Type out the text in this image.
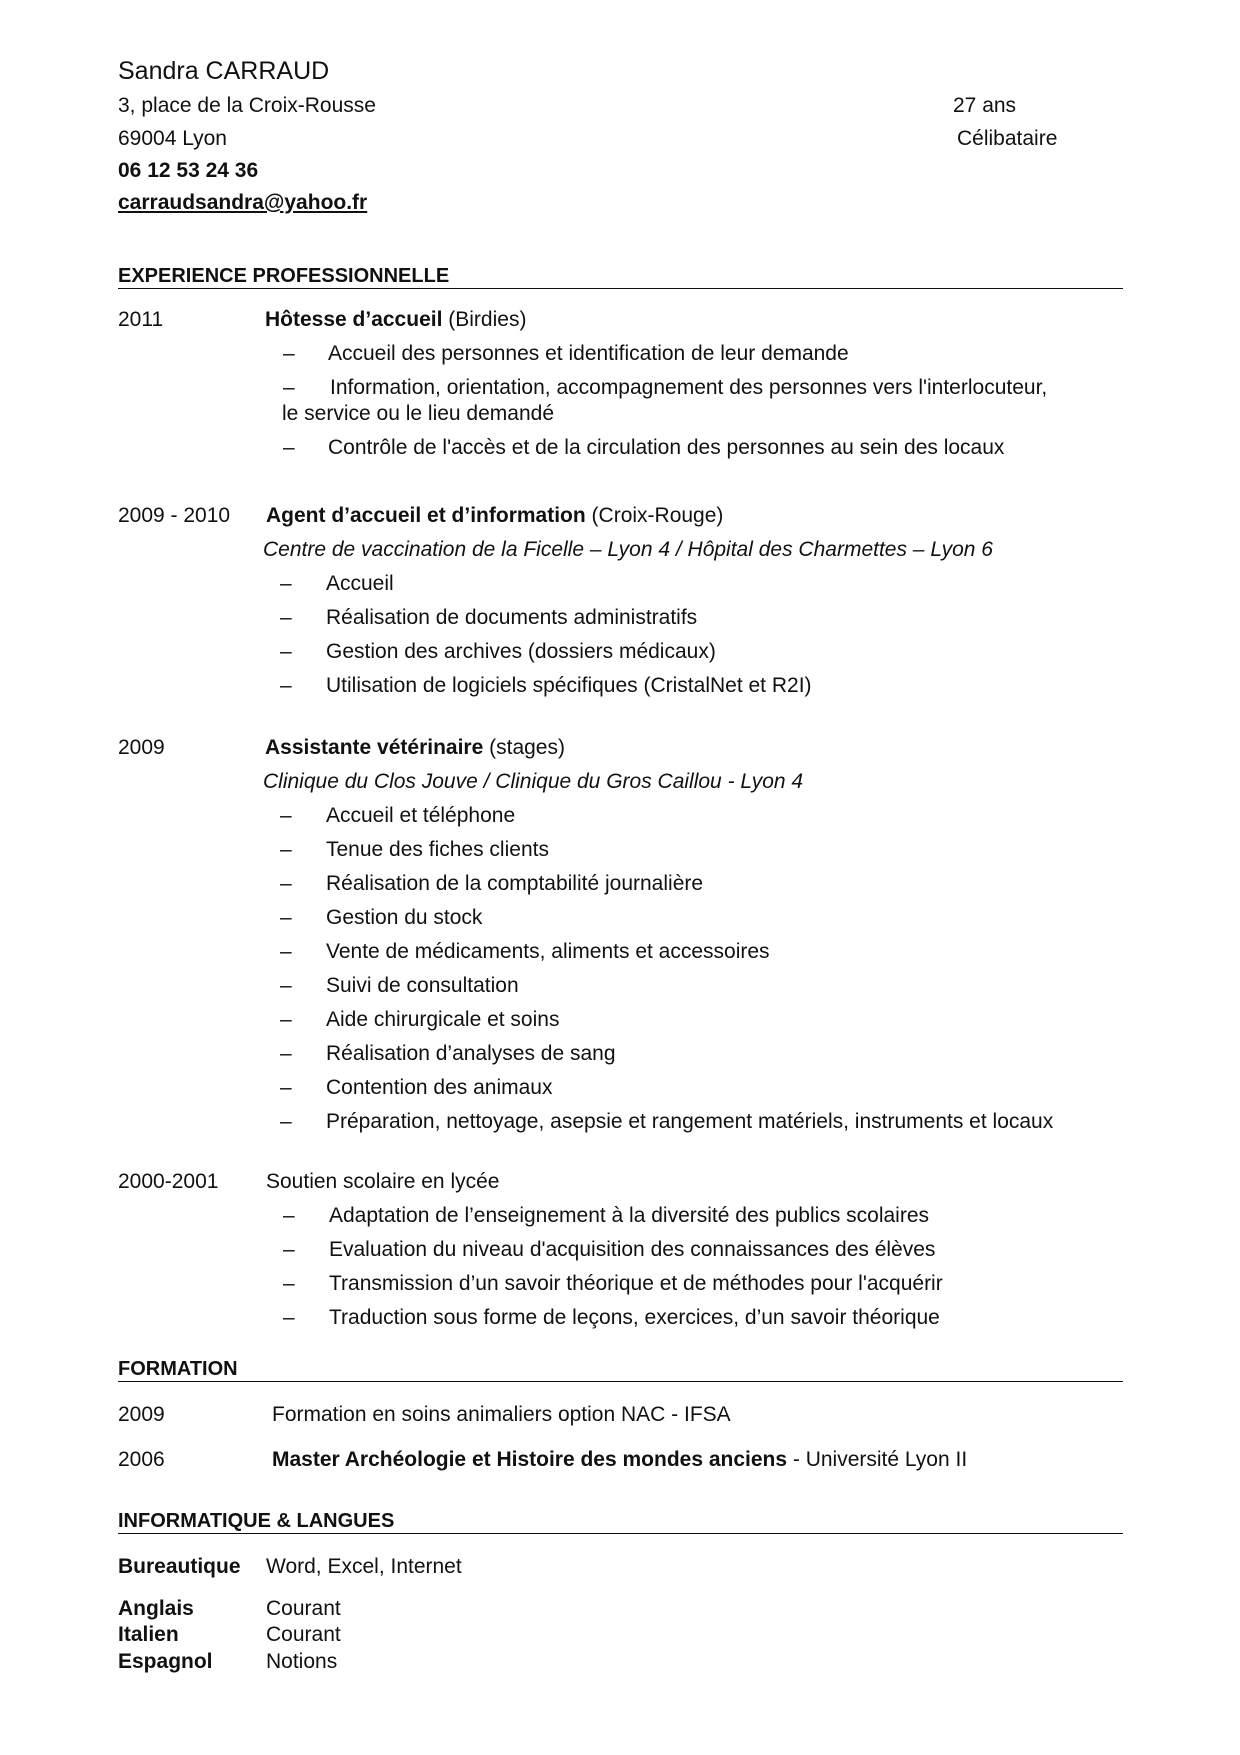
Sandra CARRAUD
3, place de la Croix-Rousse
69004 Lyon
06 12 53 24 36
carraudsandra@yahoo.fr
27 ans
Célibataire
EXPERIENCE PROFESSIONNELLE
2011	Hôtesse d’accueil (Birdies)
– Accueil des personnes et identification de leur demande
– Information, orientation, accompagnement des personnes vers l'interlocuteur,
le service ou le lieu demandé
– Contrôle de l'accès et de la circulation des personnes au sein des locaux
2009 - 2010 Agent d’accueil et d’information (Croix-Rouge)
Centre de vaccination de la Ficelle – Lyon 4 / Hôpital des Charmettes – Lyon 6
– Accueil
– Réalisation de documents administratifs
– Gestion des archives (dossiers médicaux)
– Utilisation de logiciels spécifiques (CristalNet et R2I)
2009	Assistante vétérinaire (stages)
Clinique du Clos Jouve / Clinique du Gros Caillou - Lyon 4
– Accueil et téléphone
– Tenue des fiches clients
– Réalisation de la comptabilité journalière
– Gestion du stock
– Vente de médicaments, aliments et accessoires
– Suivi de consultation
– Aide chirurgicale et soins
– Réalisation d’analyses de sang
– Contention des animaux
– Préparation, nettoyage, asepsie et rangement matériels, instruments et locaux
2000-2001 Soutien scolaire en lycée
– Adaptation de l’enseignement à la diversité des publics scolaires
– Evaluation du niveau d'acquisition des connaissances des élèves
– Transmission d’un savoir théorique et de méthodes pour l'acquérir
– Traduction sous forme de leçons, exercices, d’un savoir théorique
FORMATION
2009	Formation en soins animaliers option NAC - IFSA
2006	Master Archéologie et Histoire des mondes anciens - Université Lyon II
INFORMATIQUE & LANGUES
Bureautique Word, Excel, Internet
Anglais	Courant
Italien	Courant
Espagnol	Notions
